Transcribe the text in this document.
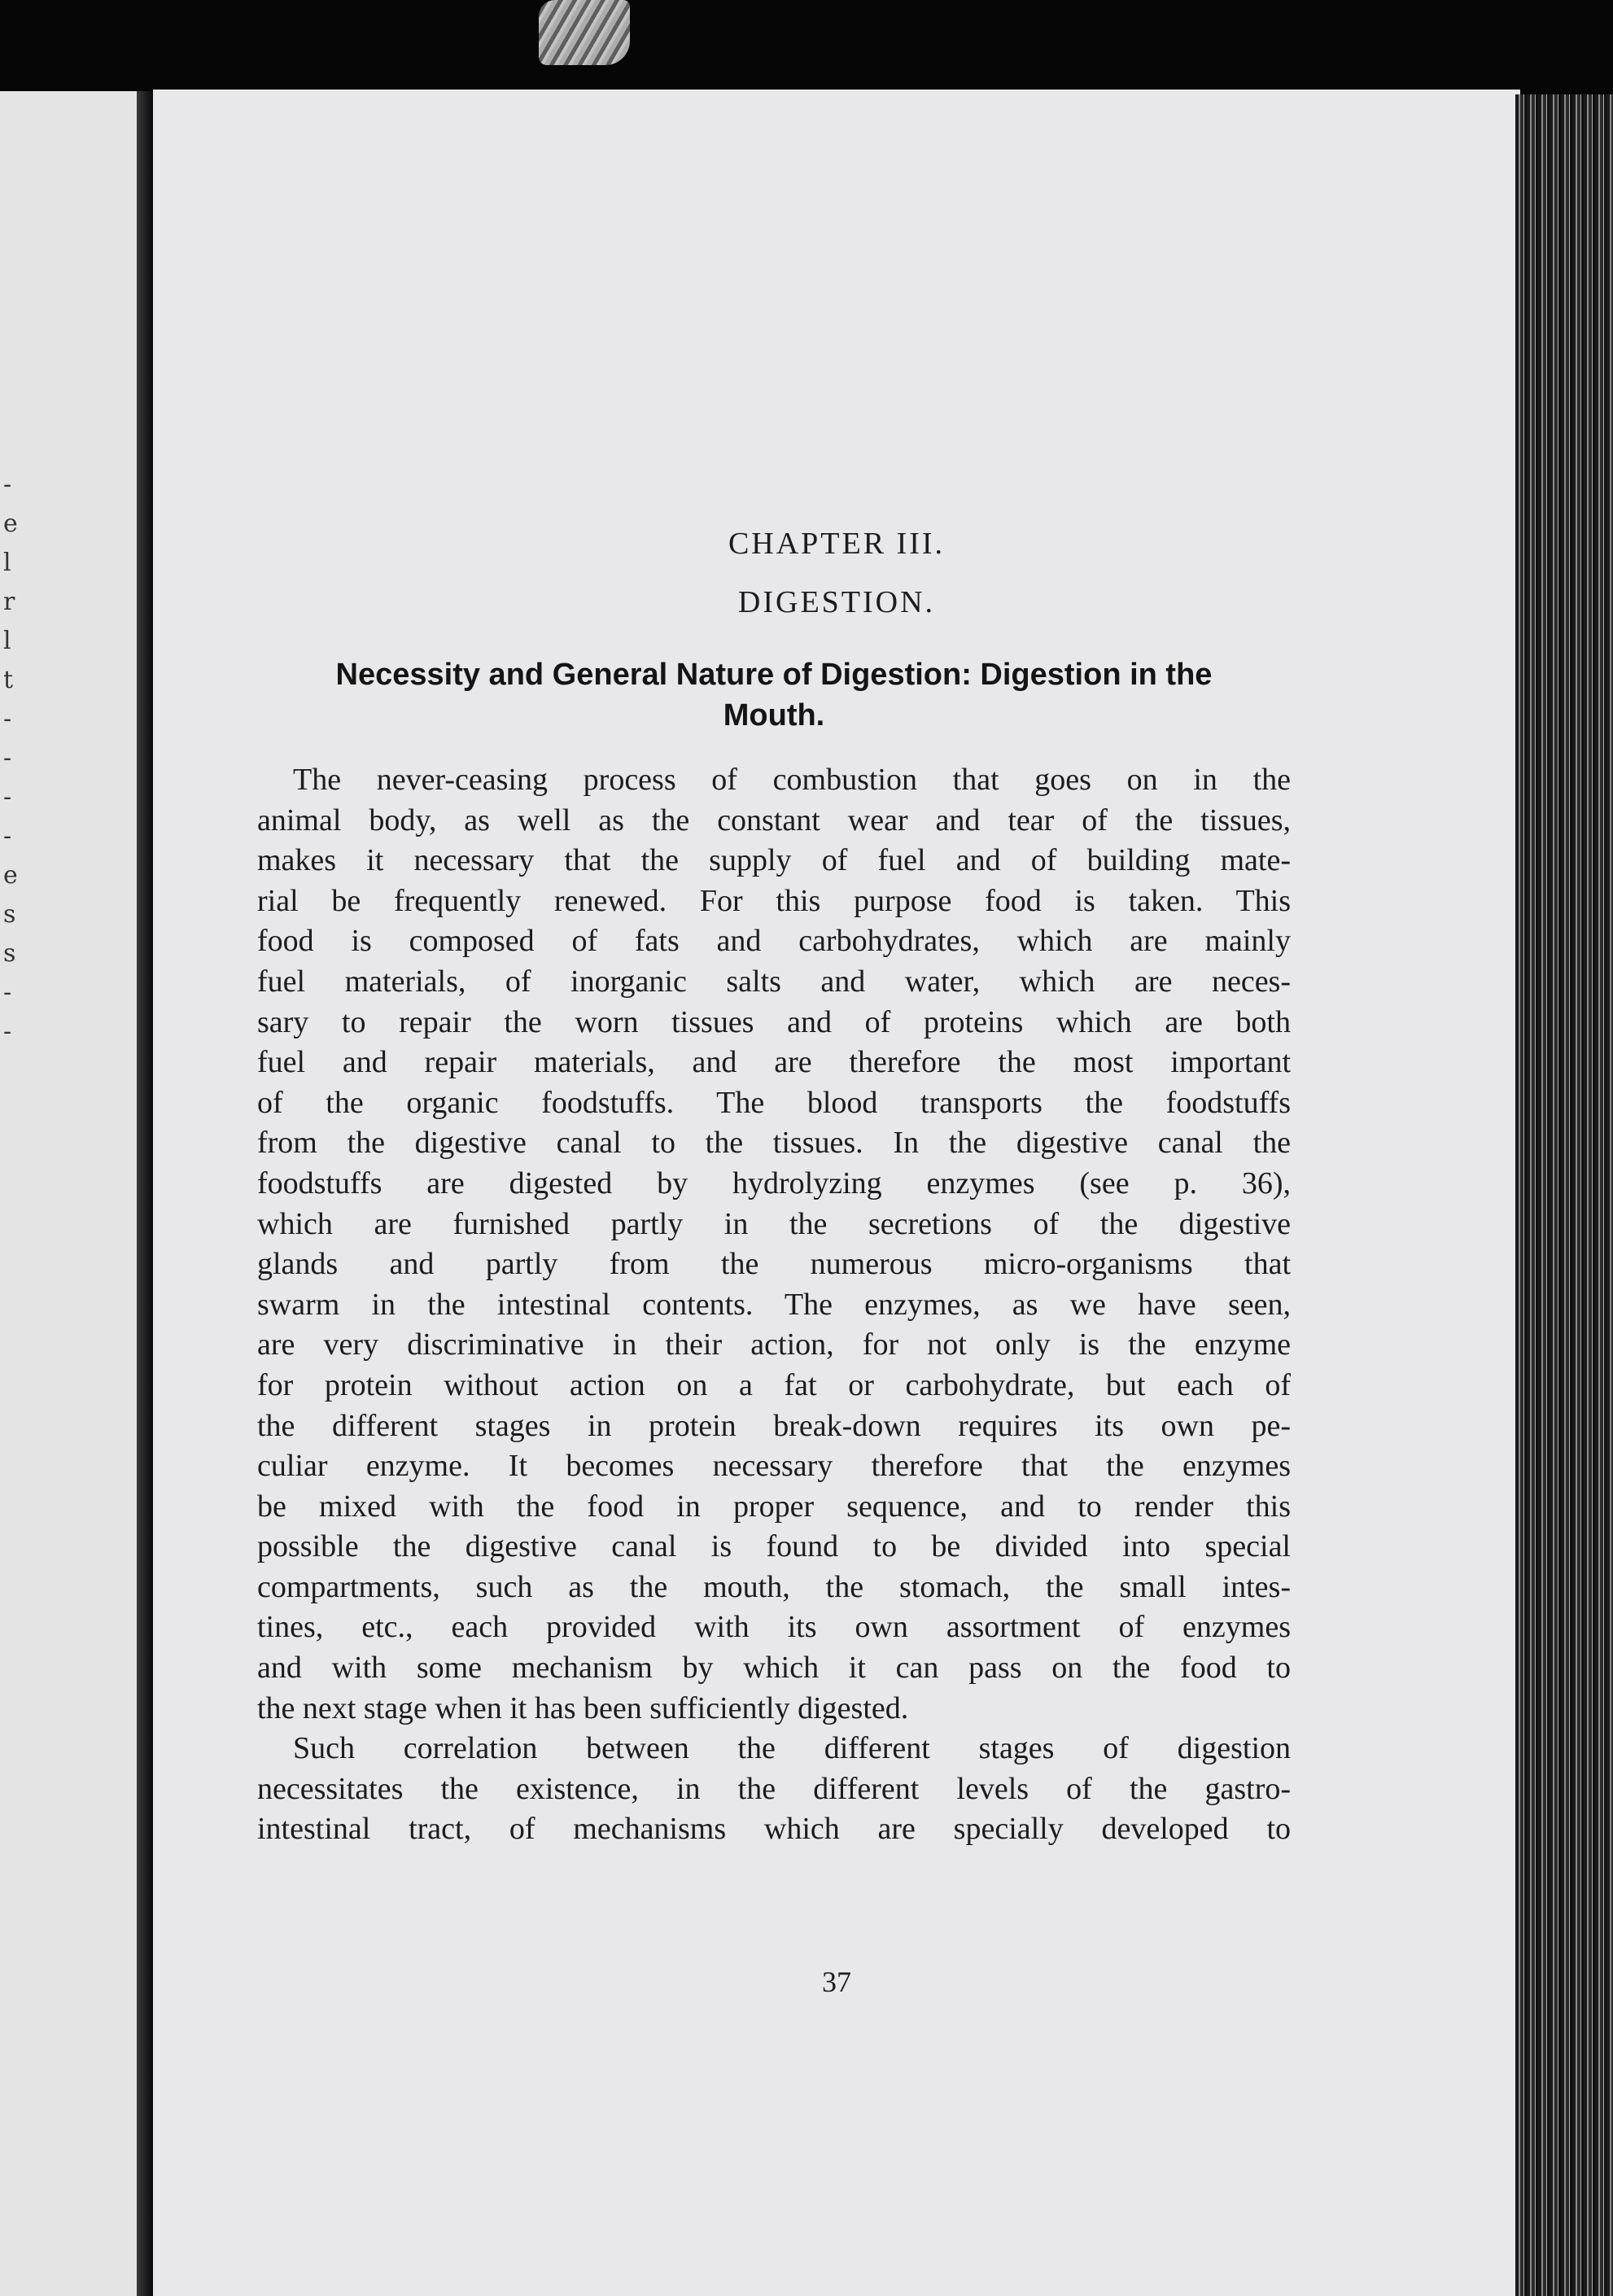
-
e
l
r
l
t
-
-
-
-
e
s
s
-
-
CHAPTER III.
DIGESTION.
Necessity and General Nature of Digestion: Digestion in the
Mouth.
The never-ceasing process of combustion that goes on in the
animal body, as well as the constant wear and tear of the tissues,
makes it necessary that the supply of fuel and of building mate-
rial be frequently renewed. For this purpose food is taken. This
food is composed of fats and carbohydrates, which are mainly
fuel materials, of inorganic salts and water, which are neces-
sary to repair the worn tissues and of proteins which are both
fuel and repair materials, and are therefore the most important
of the organic foodstuffs. The blood transports the foodstuffs
from the digestive canal to the tissues. In the digestive canal the
foodstuffs are digested by hydrolyzing enzymes (see p. 36),
which are furnished partly in the secretions of the digestive
glands and partly from the numerous micro-organisms that
swarm in the intestinal contents. The enzymes, as we have seen,
are very discriminative in their action, for not only is the enzyme
for protein without action on a fat or carbohydrate, but each of
the different stages in protein break-down requires its own pe-
culiar enzyme. It becomes necessary therefore that the enzymes
be mixed with the food in proper sequence, and to render this
possible the digestive canal is found to be divided into special
compartments, such as the mouth, the stomach, the small intes-
tines, etc., each provided with its own assortment of enzymes
and with some mechanism by which it can pass on the food to
the next stage when it has been sufficiently digested.
Such correlation between the different stages of digestion
necessitates the existence, in the different levels of the gastro-
intestinal tract, of mechanisms which are specially developed to
37
